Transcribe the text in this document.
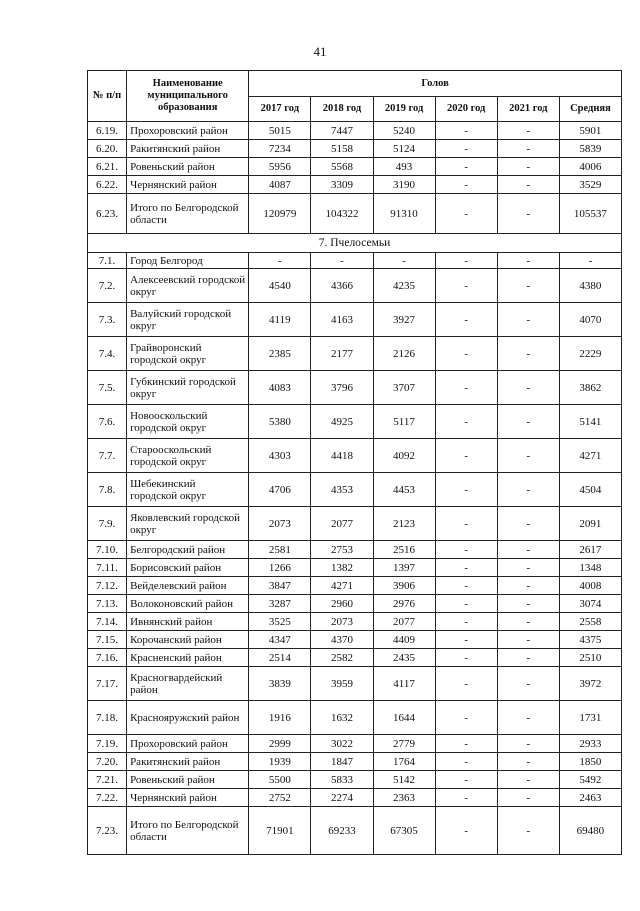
41
№ п/п	Наименование муниципального образования	Голов					
		2017 год	2018 год	2019 год	2020 год	2021 год	Средняя
6.19.	Прохоровский район	5015	7447	5240	-	-	5901
6.20.	Ракитянский район	7234	5158	5124	-	-	5839
6.21.	Ровеньский район	5956	5568	493	-	-	4006
6.22.	Чернянский район	4087	3309	3190	-	-	3529
6.23.	Итого по Белгородской области	120979	104322	91310	-	-	105537
7. Пчелосемьи							
7.1.	Город Белгород	-	-	-	-	-	-
7.2.	Алексеевский городской округ	4540	4366	4235	-	-	4380
7.3.	Валуйский городской округ	4119	4163	3927	-	-	4070
7.4.	Грайворонский городской округ	2385	2177	2126	-	-	2229
7.5.	Губкинский городской округ	4083	3796	3707	-	-	3862
7.6.	Новооскольский городской округ	5380	4925	5117	-	-	5141
7.7.	Старооскольский городской округ	4303	4418	4092	-	-	4271
7.8.	Шебекинский городской округ	4706	4353	4453	-	-	4504
7.9.	Яковлевский городской округ	2073	2077	2123	-	-	2091
7.10.	Белгородский район	2581	2753	2516	-	-	2617
7.11.	Борисовский район	1266	1382	1397	-	-	1348
7.12.	Вейделевский район	3847	4271	3906	-	-	4008
7.13.	Волоконовский район	3287	2960	2976	-	-	3074
7.14.	Ивнянский район	3525	2073	2077	-	-	2558
7.15.	Корочанский район	4347	4370	4409	-	-	4375
7.16.	Красненский район	2514	2582	2435	-	-	2510
7.17.	Красногвардейский район	3839	3959	4117	-	-	3972
7.18.	Краснояружский район	1916	1632	1644	-	-	1731
7.19.	Прохоровский район	2999	3022	2779	-	-	2933
7.20.	Ракитянский район	1939	1847	1764	-	-	1850
7.21.	Ровеньский район	5500	5833	5142	-	-	5492
7.22.	Чернянский район	2752	2274	2363	-	-	2463
7.23.	Итого по Белгородской области	71901	69233	67305	-	-	69480
